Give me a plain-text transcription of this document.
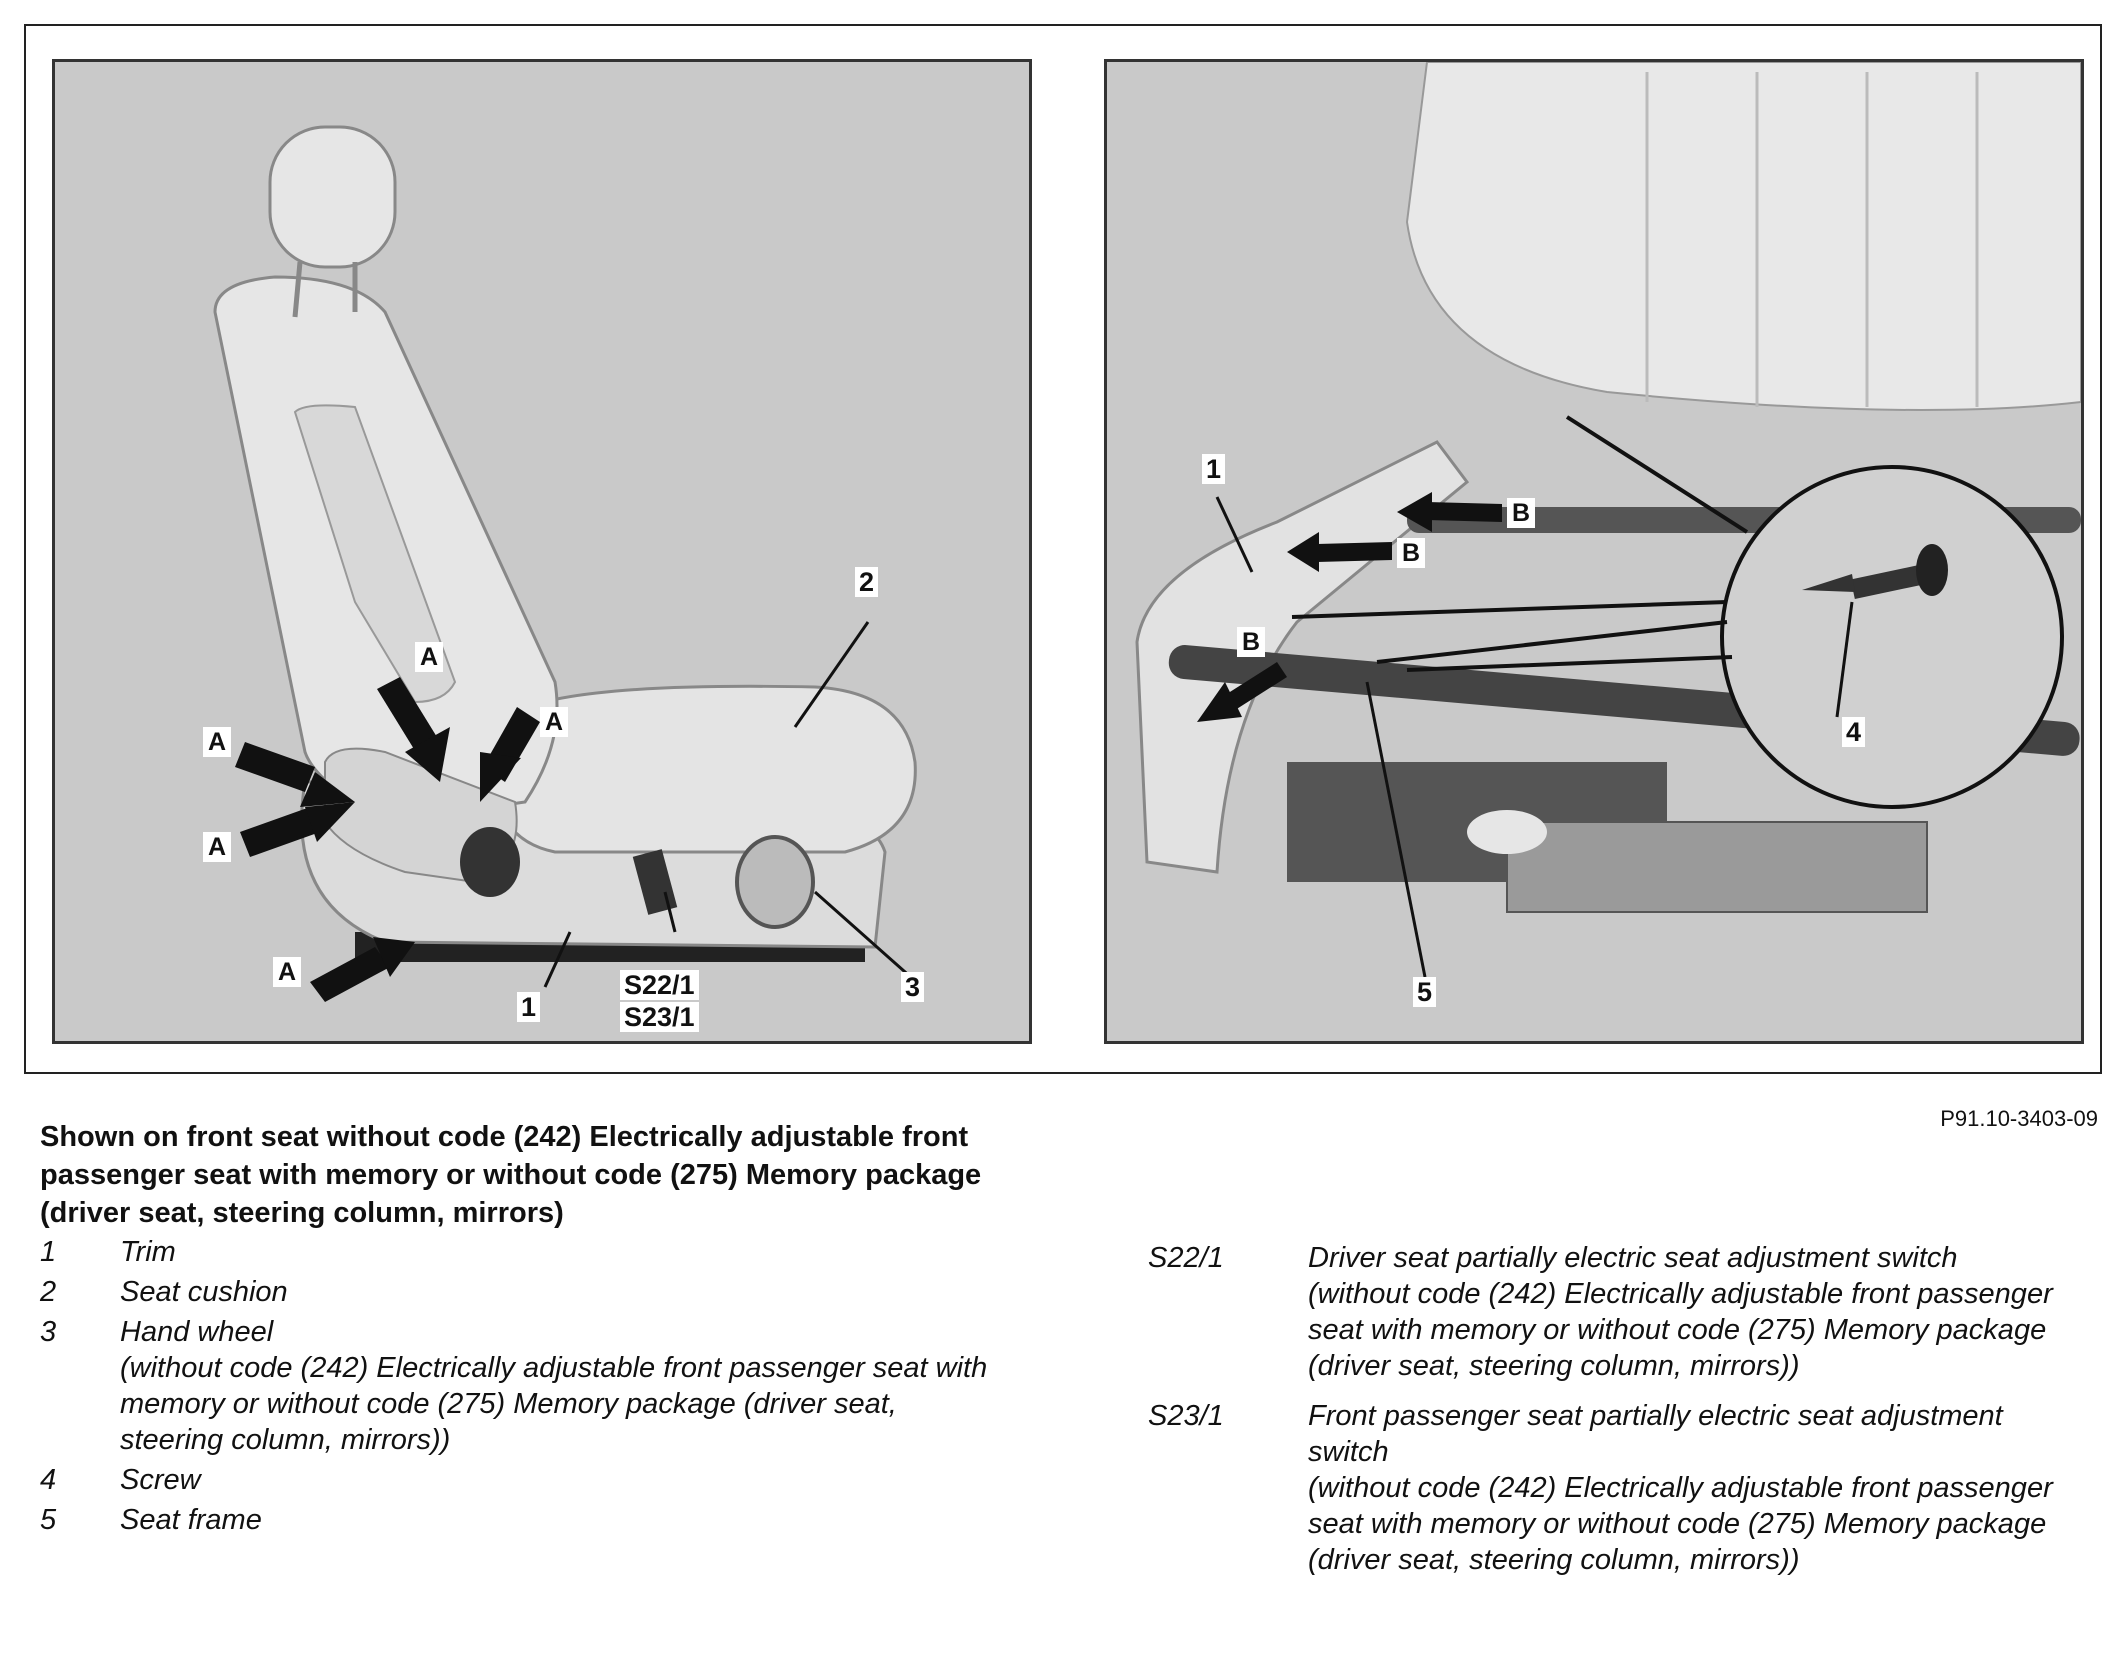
2
3
1
S22/1
S23/1
A
A
A
A
A
1
4
5
B
B
B
P91.10-3403-09
Shown on front seat without code (242) Electrically adjustable front passenger seat with memory or without code (275) Memory package (driver seat, steering column, mirrors)
1	Trim
2	Seat cushion
3	Hand wheel
(without code (242) Electrically adjustable front passenger seat with memory or without code (275) Memory package (driver seat, steering column, mirrors))
4	Screw
5	Seat frame
S22/1	Driver seat partially electric seat adjustment switch
(without code (242) Electrically adjustable front passenger seat with memory or without code (275) Memory package (driver seat, steering column, mirrors))
S23/1	Front passenger seat partially electric seat adjustment switch
(without code (242) Electrically adjustable front passenger seat with memory or without code (275) Memory package (driver seat, steering column, mirrors))
